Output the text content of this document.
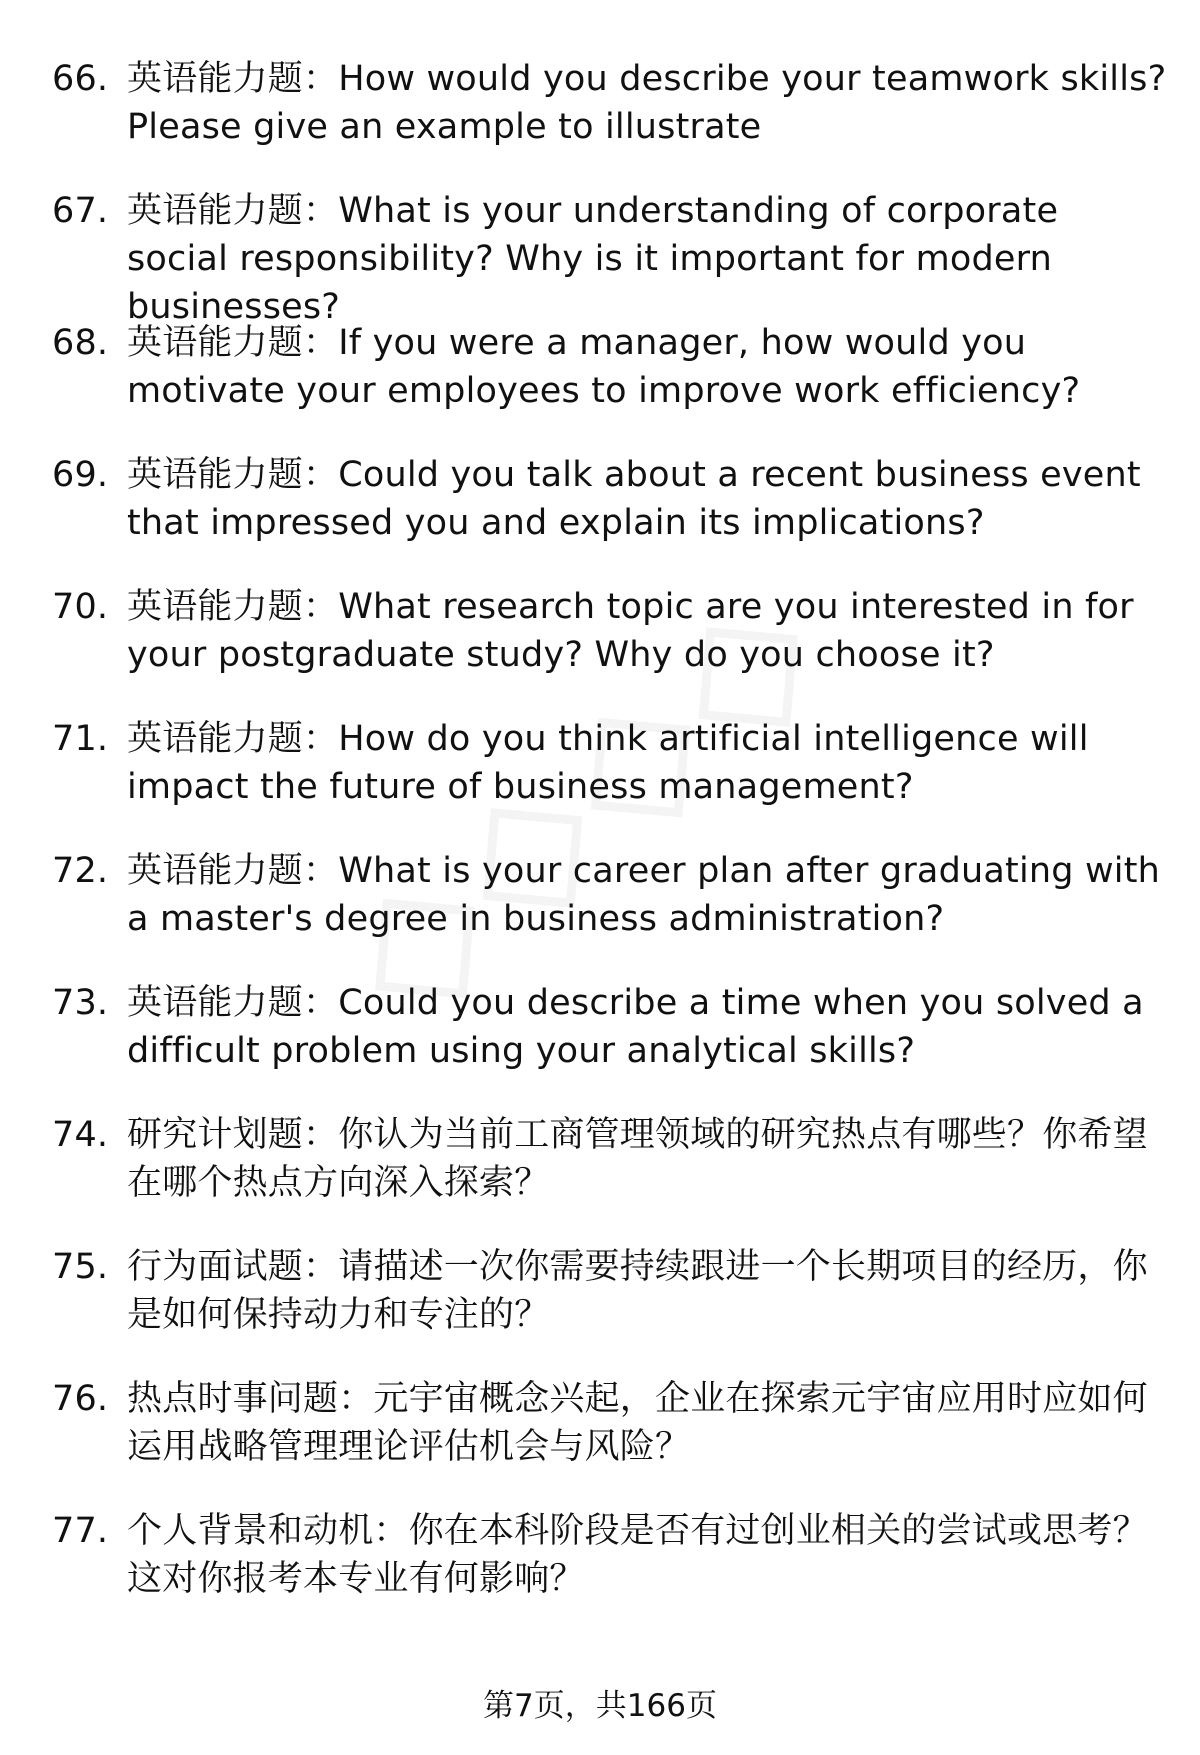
66. 英语能力题：How would you describe your teamwork skills? Please give an example to illustrate
67. 英语能力题：What is your understanding of corporate social responsibility? Why is it important for modern businesses?
68. 英语能力题：If you were a manager, how would you motivate your employees to improve work efficiency?
69. 英语能力题：Could you talk about a recent business event that impressed you and explain its implications?
70. 英语能力题：What research topic are you interested in for your postgraduate study? Why do you choose it?
71. 英语能力题：How do you think artificial intelligence will impact the future of business management?
72. 英语能力题：What is your career plan after graduating with a master's degree in business administration?
73. 英语能力题：Could you describe a time when you solved a difficult problem using your analytical skills?
74. 研究计划题：你认为当前工商管理领域的研究热点有哪些？你希望在哪个热点方向深入探索？
75. 行为面试题：请描述一次你需要持续跟进一个长期项目的经历，你是如何保持动力和专注的？
76. 热点时事问题：元宇宙概念兴起，企业在探索元宇宙应用时应如何运用战略管理理论评估机会与风险？
77. 个人背景和动机：你在本科阶段是否有过创业相关的尝试或思考？这对你报考本专业有何影响？
第7页，共166页
